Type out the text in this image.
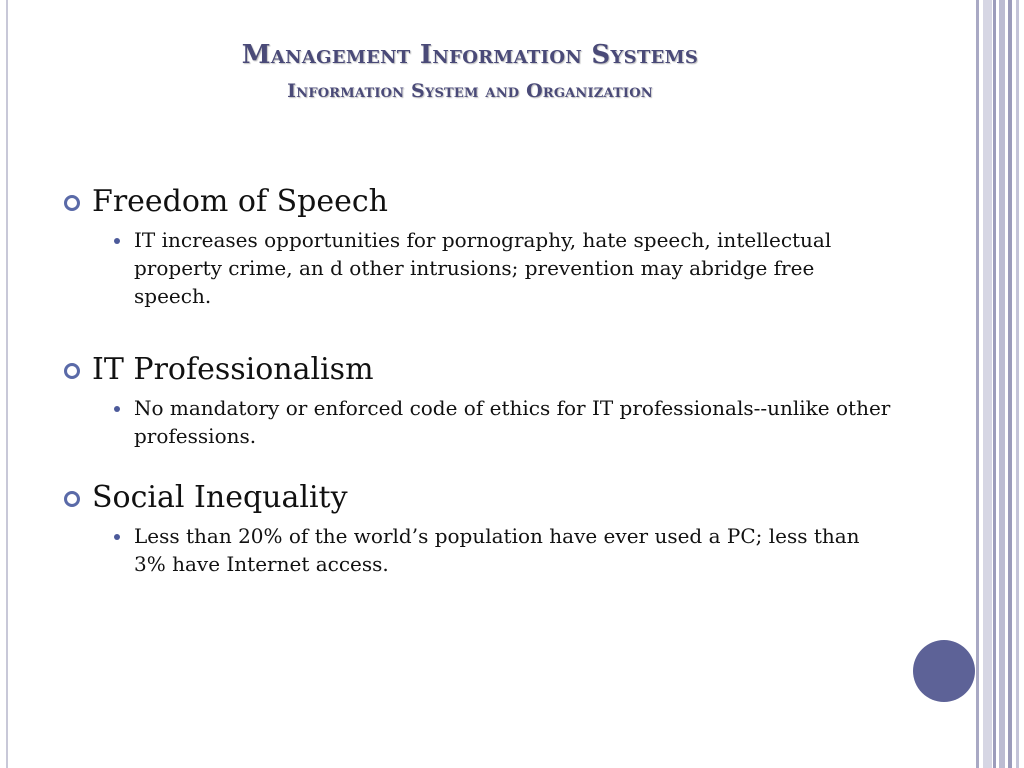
Management Information Systems
Information System and Organization
Freedom of Speech
IT increases opportunities for pornography, hate speech, intellectual property crime, an d other intrusions; prevention may abridge free speech.
IT Professionalism
No mandatory or enforced code of ethics for IT professionals--unlike other professions.
Social Inequality
Less than 20% of the world’s population have ever used a PC; less than 3% have Internet access.
